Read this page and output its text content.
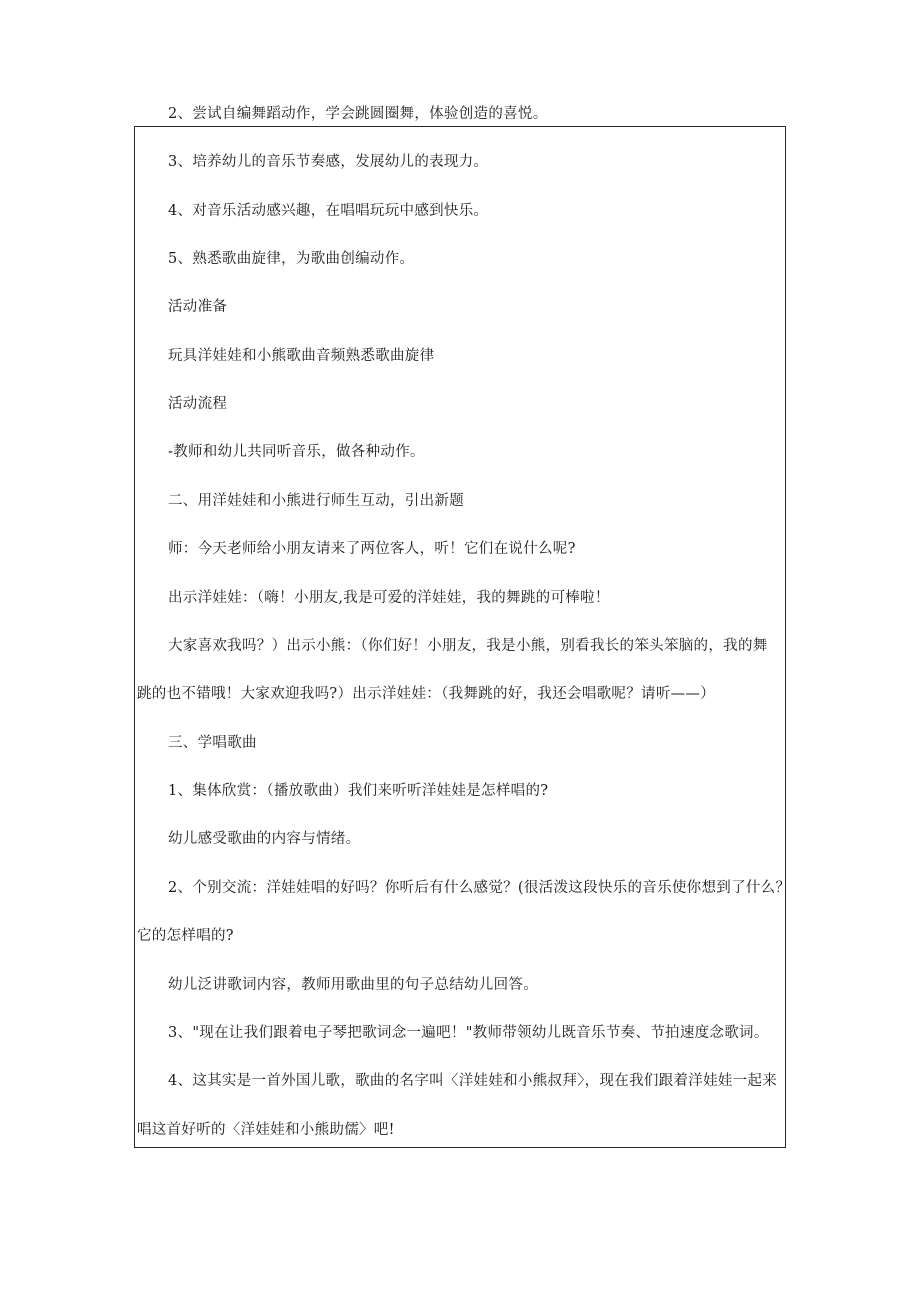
2、尝试自编舞蹈动作，学会跳圆圈舞，体验创造的喜悦。
3、培养幼儿的音乐节奏感，发展幼儿的表现力。
4、对音乐活动感兴趣，在唱唱玩玩中感到快乐。
5、熟悉歌曲旋律，为歌曲创编动作。
活动准备
玩具洋娃娃和小熊歌曲音频熟悉歌曲旋律
活动流程
-教师和幼儿共同听音乐，做各种动作。
二、用洋娃娃和小熊进行师生互动，引出新题
师：今天老师给小朋友请来了两位客人，听！它们在说什么呢?
出示洋娃娃：（嗨！小朋友,我是可爱的洋娃娃，我的舞跳的可棒啦！
大家喜欢我吗？）出示小熊：（你们好！小朋友，我是小熊，别看我长的笨头笨脑的，我的舞
跳的也不错哦！大家欢迎我吗?）出示洋娃娃：（我舞跳的好，我还会唱歌呢？请听——）
三、学唱歌曲
1、集体欣赏：（播放歌曲）我们来听听洋娃娃是怎样唱的?
幼儿感受歌曲的内容与情绪。
2、个别交流：洋娃娃唱的好吗？你听后有什么感觉？(很活泼这段快乐的音乐使你想到了什么？
它的怎样唱的?
幼儿泛讲歌词内容，教师用歌曲里的句子总结幼儿回答。
3、"现在让我们跟着电子琴把歌词念一遍吧！"教师带领幼儿既音乐节奏、节拍速度念歌词。
4、这其实是一首外国儿歌，歌曲的名字叫〈洋娃娃和小熊叔拜〉，现在我们跟着洋娃娃一起来
唱这首好听的〈洋娃娃和小熊助儒〉吧!
